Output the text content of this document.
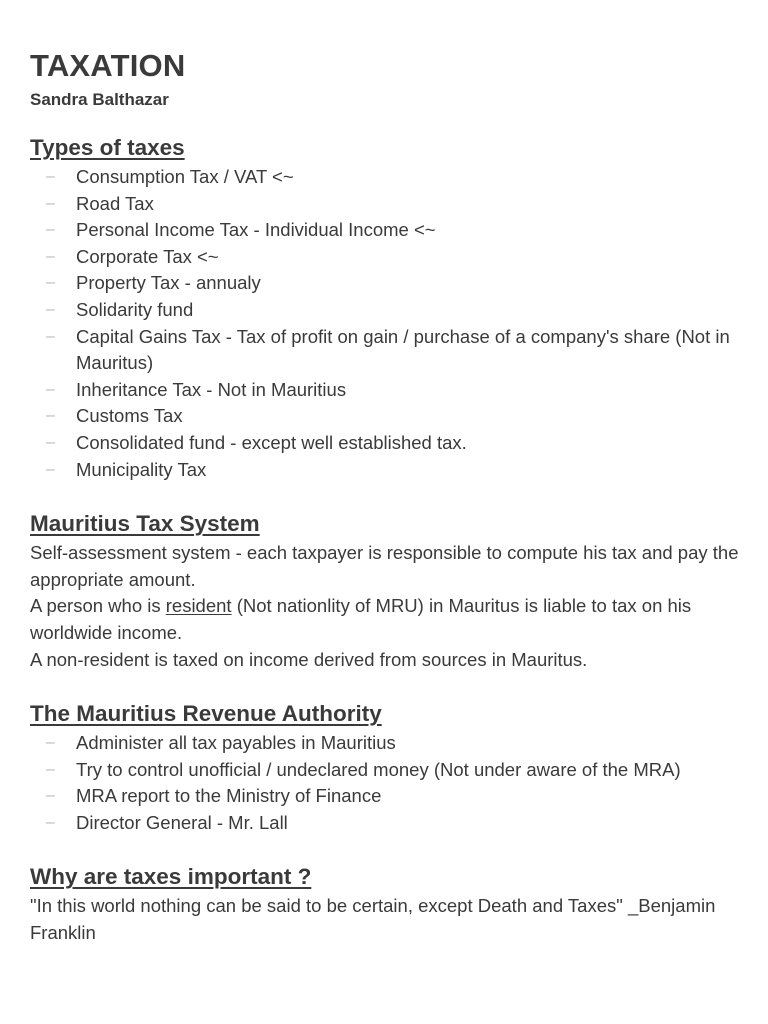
TAXATION
Sandra Balthazar
Types of taxes
– Consumption Tax / VAT <~
– Road Tax
– Personal Income Tax - Individual Income <~
– Corporate Tax <~
– Property Tax - annualy
– Solidarity fund
– Capital Gains Tax - Tax of profit on gain / purchase of a company's share (Not in Mauritus)
– Inheritance Tax - Not in Mauritius
– Customs Tax
– Consolidated fund - except well established tax.
– Municipality Tax
Mauritius Tax System

Self-assessment system - each taxpayer is responsible to compute his tax and pay the appropriate amount.

A person who is resident (Not nationlity of MRU) in Mauritus is liable to tax on his worldwide income.

A non-resident is taxed on income derived from sources in Mauritus.

The Mauritius Revenue Authority
– Administer all tax payables in Mauritius
– Try to control unofficial / undeclared money (Not under aware of the MRA)
– MRA report to the Ministry of Finance
– Director General - Mr. Lall
Why are taxes important ?

"In this world nothing can be said to be certain, except Death and Taxes" _Benjamin Franklin
